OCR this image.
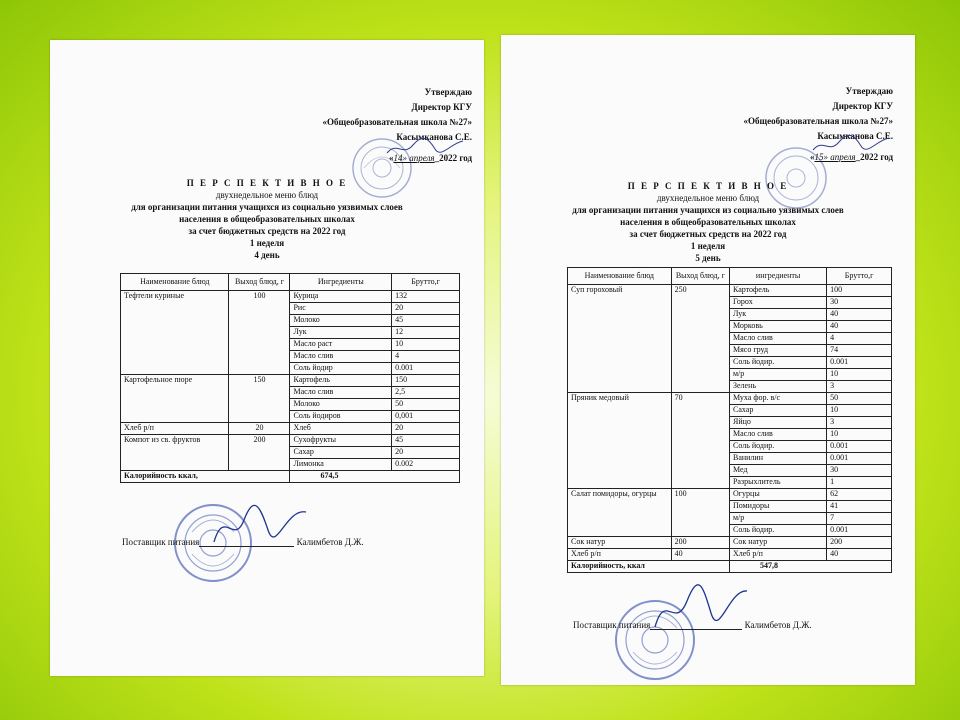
Утверждаю
Директор КГУ
«Общеобразовательная школа №27»
Касымканова С.Е.
«14» апреля_2022 год
П Е Р С П Е К Т И В Н О Е
двухнедельное меню блюд
для организации питания учащихся из социально уязвимых слоев
населения в общеобразовательных школах
за счет бюджетных средств на 2022 год
1 неделя
4 день
Наименование блюд	Выход блюд, г	Ингредиенты	Брутто,г
Тефтели куриные	100	Курица	132
		Рис	20
		Молоко	45
		Лук	12
		Масло раст	10
		Масло слив	4
		Соль йодир	0.001
Картофельное пюре	150	Картофель	150
		Масло слив	2,5
		Молоко	50
		Соль йодиров	0,001
Хлеб р/п	20	Хлеб	20
Компот из св. фруктов	200	Сухофрукты	45
		Сахар	20
		Лимонка	0.002
Калорийность ккал,		674,5	
Поставщик питания	Калимбетов Д.Ж.
Утверждаю
Директор КГУ
«Общеобразовательная школа №27»
Касымканова С.Е.
«15» апреля_2022 год
П Е Р С П Е К Т И В Н О Е
двухнедельное меню блюд
для организации питания учащихся из социально уязвимых слоев
населения в общеобразовательных школах
за счет бюджетных средств на 2022 год
1 неделя
5 день
Наименование блюд	Выход блюд, г	ингредиенты	Брутто,г
Суп гороховый	250	Картофель	100
		Горох	30
		Лук	40
		Морковь	40
		Масло слив	4
		Мясо груд	74
		Соль йодир.	0.001
		м/р	10
		Зелень	3
Пряник медовый	70	Муха фор. в/с	50
		Сахар	10
		Яйцо	3
		Масло слив	10
		Соль йодир.	0.001
		Ванилин	0.001
		Мед	30
		Разрыхлитель	1
Салат помидоры, огурцы	100	Огурцы	62
		Помидоры	41
		м/р	7
		Соль йодир.	0.001
Сок натур	200	Сок натур	200
Хлеб р/п	40	Хлеб р/п	40
Калорийность, ккал		547,8	
Поставщик питания	Калимбетов Д.Ж.
